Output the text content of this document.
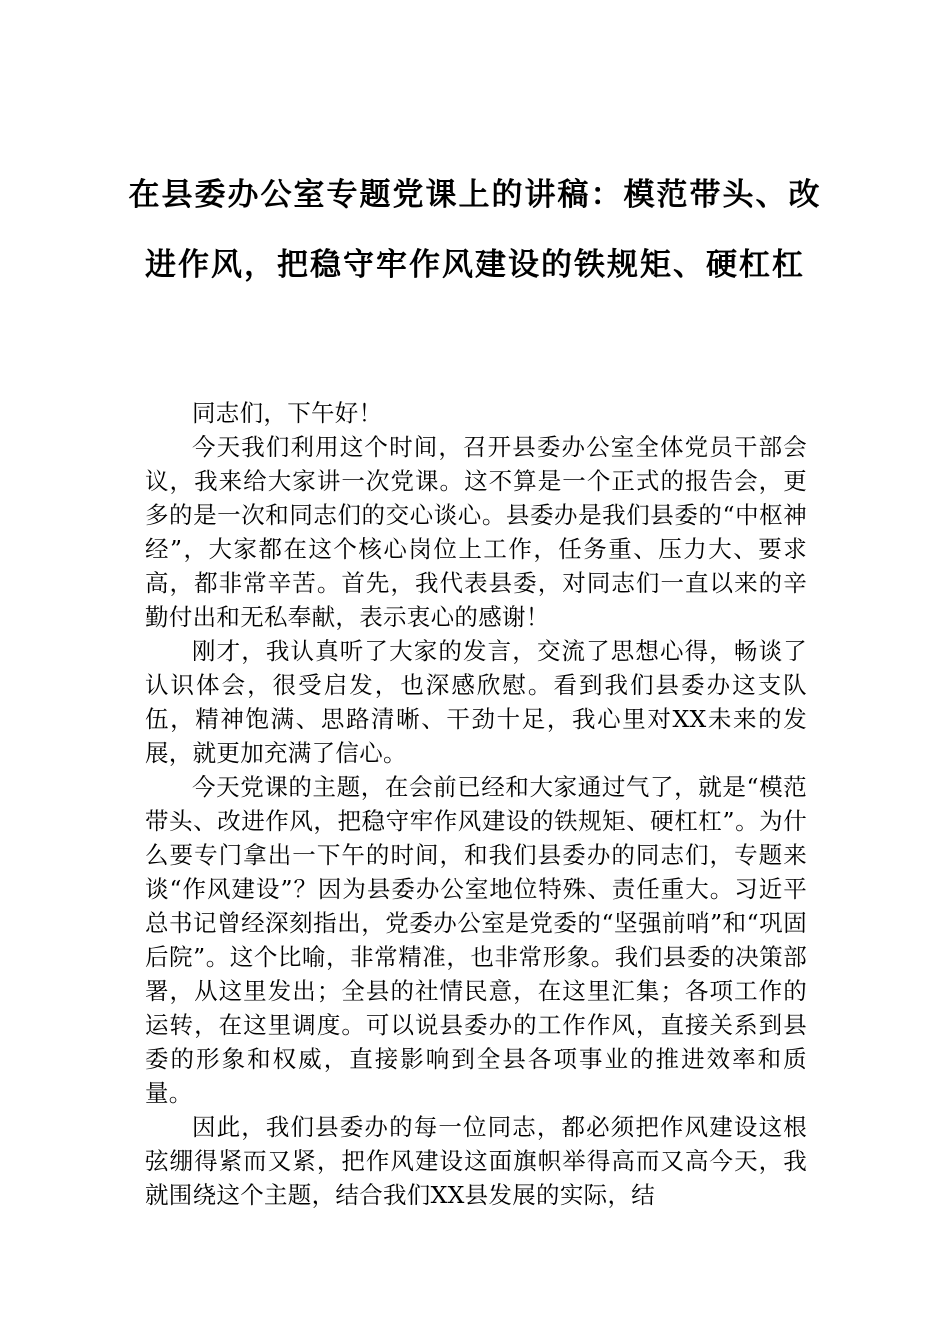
在县委办公室专题党课上的讲稿：模范带头、改进作风，把稳守牢作风建设的铁规矩、硬杠杠

同志们，下午好！

今天我们利用这个时间，召开县委办公室全体党员干部会议，我来给大家讲一次党课。这不算是一个正式的报告会，更多的是一次和同志们的交心谈心。县委办是我们县委的“中枢神经”，大家都在这个核心岗位上工作，任务重、压力大、要求高，都非常辛苦。首先，我代表县委，对同志们一直以来的辛勤付出和无私奉献，表示衷心的感谢！

刚才，我认真听了大家的发言，交流了思想心得，畅谈了认识体会，很受启发，也深感欣慰。看到我们县委办这支队伍，精神饱满、思路清晰、干劲十足，我心里对XX未来的发展，就更加充满了信心。

今天党课的主题，在会前已经和大家通过气了，就是“模范带头、改进作风，把稳守牢作风建设的铁规矩、硬杠杠”。为什么要专门拿出一下午的时间，和我们县委办的同志们，专题来谈“作风建设”？因为县委办公室地位特殊、责任重大。习近平总书记曾经深刻指出，党委办公室是党委的“坚强前哨”和“巩固后院”。这个比喻，非常精准，也非常形象。我们县委的决策部署，从这里发出；全县的社情民意，在这里汇集；各项工作的运转，在这里调度。可以说县委办的工作作风，直接关系到县委的形象和权威，直接影响到全县各项事业的推进效率和质量。

因此，我们县委办的每一位同志，都必须把作风建设这根弦绷得紧而又紧，把作风建设这面旗帜举得高而又高今天，我就围绕这个主题，结合我们XX县发展的实际，结
